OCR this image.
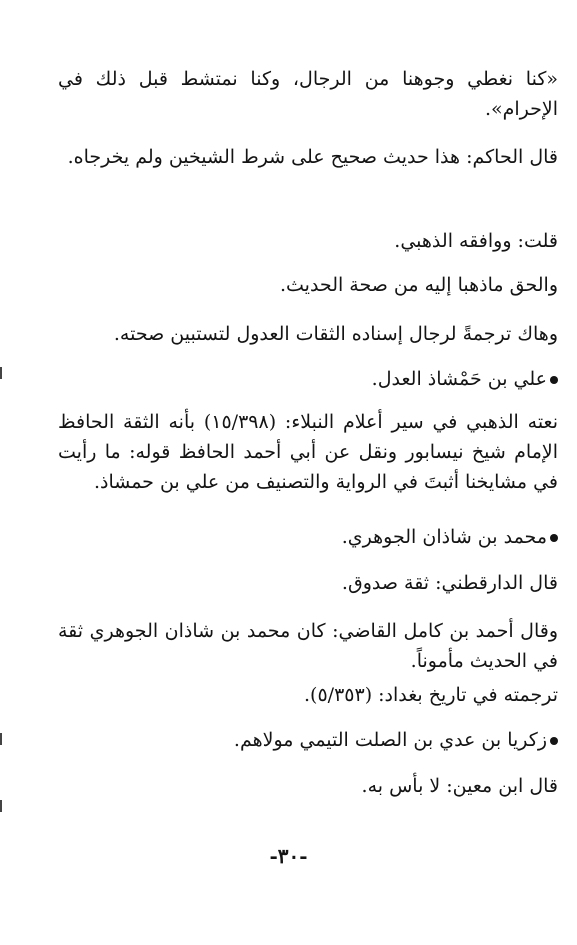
«كنا نغطي وجوهنا من الرجال، وكنا نمتشط قبل ذلك في الإحرام».
قال الحاكم: هذا حديث صحيح على شرط الشيخين ولم يخرجاه.
قلت: ووافقه الذهبي.
والحق ماذهبا إليه من صحة الحديث.
وهاك ترجمةً لرجال إسناده الثقات العدول لتستبين صحته.
علي بن حَمْشاذ العدل.
نعته الذهبي في سير أعلام النبلاء: (١٥/٣٩٨) بأنه الثقة الحافظ الإمام شيخ نيسابور ونقل عن أبي أحمد الحافظ قوله: ما رأيت في مشايخنا أثبتَ في الرواية والتصنيف من علي بن حمشاذ.
محمد بن شاذان الجوهري.
قال الدارقطني: ثقة صدوق.
وقال أحمد بن كامل القاضي: كان محمد بن شاذان الجوهري ثقة في الحديث مأموناً.
ترجمته في تاريخ بغداد: (٥/٣٥٣).
زكريا بن عدي بن الصلت التيمي مولاهم.
قال ابن معين: لا بأس به.
-٣٠-
